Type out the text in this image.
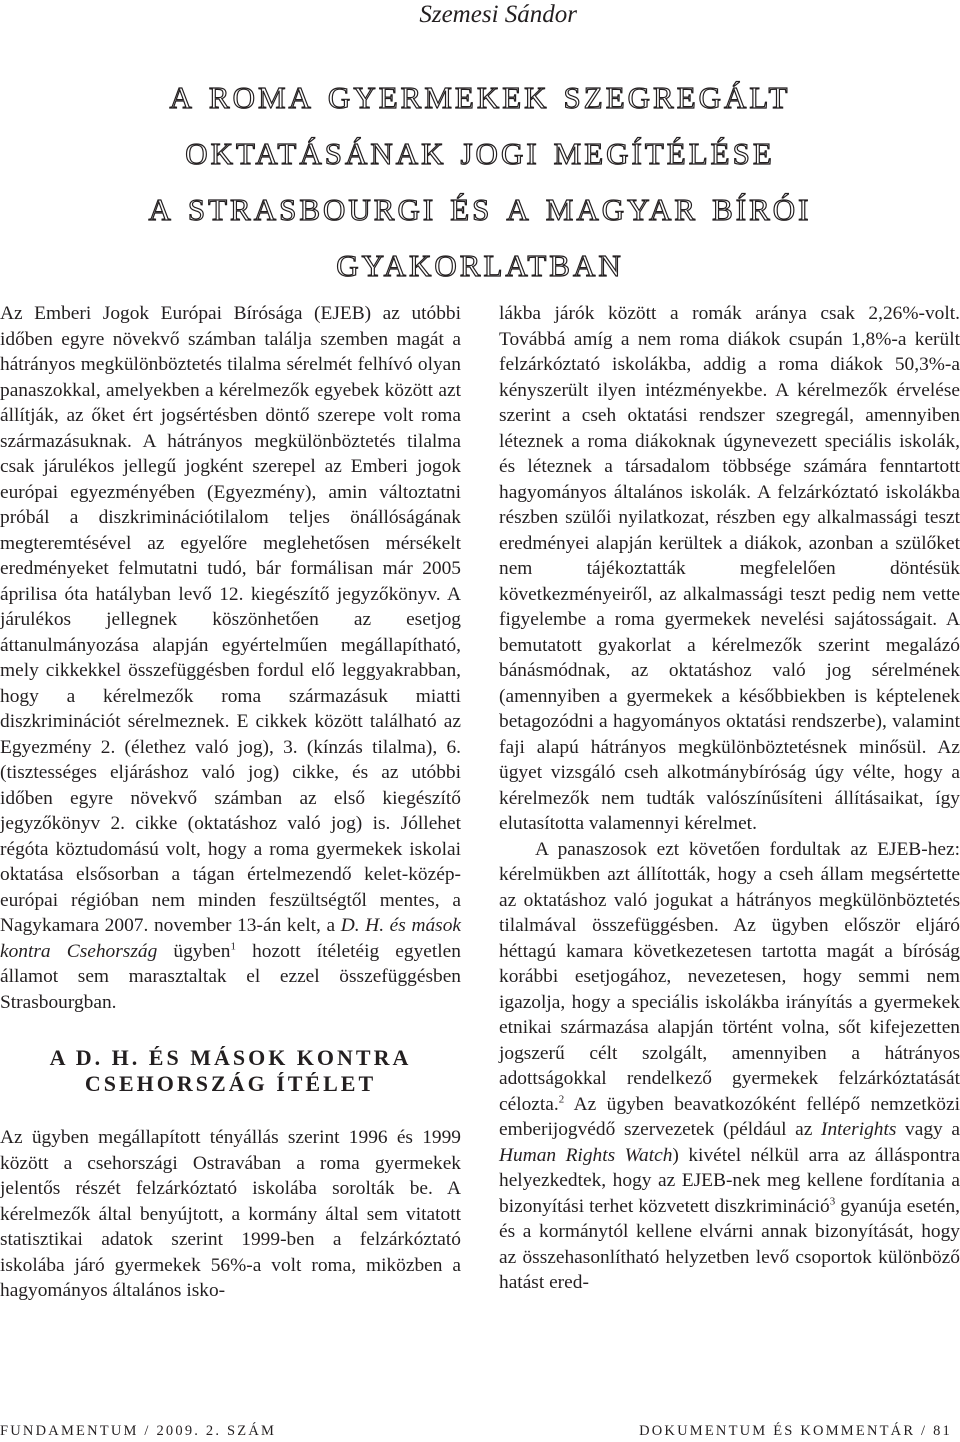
Szemesi Sándor

a roma gyermekek szegregált
oktatásának jogi megítélése
a strasbourgi és a magyar bírói
gyakorlatban

Az Emberi Jogok Európai Bírósága (EJEB) az utóbbi időben egyre növekvő számban találja szemben magát a hátrányos megkülönböztetés tilalma sérelmét felhívó olyan panaszokkal, amelyekben a kérelmezők egyebek között azt állítják, az őket ért jogsértésben döntő szerepe volt roma származásuknak. A hátrányos megkülönböztetés tilalma csak járulékos jellegű jogként szerepel az Emberi jogok európai egyezményében (Egyezmény), amin változtatni próbál a diszkriminációtilalom teljes önállóságának megteremtésével az egyelőre meglehetősen mérsékelt eredményeket felmutatni tudó, bár formálisan már 2005 áprilisa óta hatályban levő 12. kiegészítő jegyzőkönyv. A járulékos jellegnek köszönhetően az esetjog áttanulmányozása alapján egyértelműen megállapítható, mely cikkekkel összefüggésben fordul elő leggyakrabban, hogy a kérelmezők roma származásuk miatti diszkriminációt sérelmeznek. E cikkek között található az Egyezmény 2. (élethez való jog), 3. (kínzás tilalma), 6. (tisztességes eljáráshoz való jog) cikke, és az utóbbi időben egyre növekvő számban az első kiegészítő jegyzőkönyv 2. cikke (oktatáshoz való jog) is. Jóllehet régóta köztudomású volt, hogy a roma gyermekek iskolai oktatása elsősorban a tágan értelmezendő kelet-közép-európai régióban nem minden feszültségtől mentes, a Nagykamara 2007. november 13-án kelt, a D. H. és mások kontra Csehország ügyben$^1$ hozott ítéletéig egyetlen államot sem marasztaltak el ezzel összefüggésben Strasbourgban.

A D. H. ÉS MÁSOK KONTRA
CSEHORSZÁG ÍTÉLET

Az ügyben megállapított tényállás szerint 1996 és 1999 között a csehországi Ostravában a roma gyermekek jelentős részét felzárkóztató iskolába sorolták be. A kérelmezők által benyújtott, a kormány által sem vitatott statisztikai adatok szerint 1999-ben a felzárkóztató iskolába járó gyermekek 56%-a volt roma, miközben a hagyományos általános isko-

lákba járók között a romák aránya csak 2,26%-volt. Továbbá amíg a nem roma diákok csupán 1,8%-a került felzárkóztató iskolákba, addig a roma diákok 50,3%-a kényszerült ilyen intézményekbe. A kérelmezők érvelése szerint a cseh oktatási rendszer szegregál, amennyiben léteznek a roma diákoknak úgynevezett speciális iskolák, és léteznek a társadalom többsége számára fenntartott hagyományos általános iskolák. A felzárkóztató iskolákba részben szülői nyilatkozat, részben egy alkalmassági teszt eredményei alapján kerültek a diákok, azonban a szülőket nem tájékoztatták megfelelően döntésük következményeiről, az alkalmassági teszt pedig nem vette figyelembe a roma gyermekek nevelési sajátosságait. A bemutatott gyakorlat a kérelmezők szerint megalázó bánásmódnak, az oktatáshoz való jog sérelmének (amennyiben a gyermekek a későbbiekben is képtelenek betagozódni a hagyományos oktatási rendszerbe), valamint faji alapú hátrányos megkülönböztetésnek minősül. Az ügyet vizsgáló cseh alkotmánybíróság úgy vélte, hogy a kérelmezők nem tudták valószínűsíteni állításaikat, így elutasította valamennyi kérelmet.

A panaszosok ezt követően fordultak az EJEB-hez: kérelmükben azt állították, hogy a cseh állam megsértette az oktatáshoz való jogukat a hátrányos megkülönböztetés tilalmával összefüggésben. Az ügyben először eljáró héttagú kamara következetesen tartotta magát a bíróság korábbi esetjogához, nevezetesen, hogy semmi nem igazolja, hogy a speciális iskolákba irányítás a gyermekek etnikai származása alapján történt volna, sőt kifejezetten jogszerű célt szolgált, amennyiben a hátrányos adottságokkal rendelkező gyermekek felzárkóztatását célozta.$^2$ Az ügyben beavatkozóként fellépő nemzetközi emberijogvédő szervezetek (például az Interights vagy a Human Rights Watch) kivétel nélkül arra az álláspontra helyezkedtek, hogy az EJEB-nek meg kellene fordítania a bizonyítási terhet közvetett diszkrimináció$^3$ gyanúja esetén, és a kormánytól kellene elvárni annak bizonyítását, hogy az összehasonlítható helyzetben levő csoportok különböző hatást ered-

FUNDAMENTUM / 2009. 2. SZÁM	DOKUMENTUM ÉS KOMMENTÁR / 81
